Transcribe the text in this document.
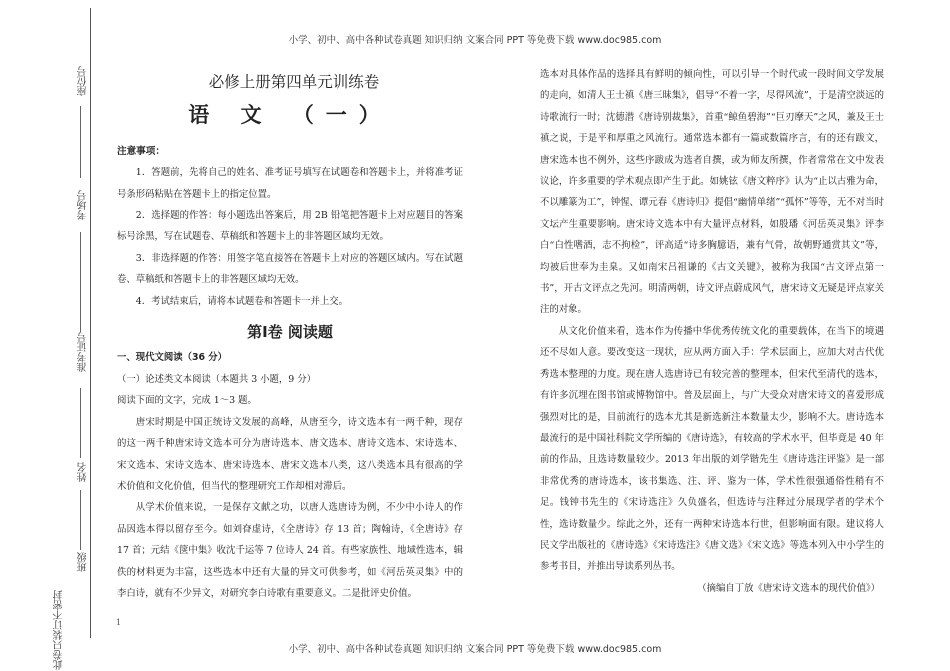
小学、初中、高中各种试卷真题 知识归纳 文案合同 PPT 等免费下载 www.doc985.com
座位号
考场号
准考证号
姓名
班级
此卷只装订不密封	1
必修上册第四单元训练卷
语 文 （一）

注意事项：

1．答题前，先将自己的姓名、准考证号填写在试题卷和答题卡上，并将准考证号条形码粘贴在答题卡上的指定位置。

2．选择题的作答：每小题选出答案后，用 2B 铅笔把答题卡上对应题目的答案标号涂黑，写在试题卷、草稿纸和答题卡上的非答题区域均无效。

3．非选择题的作答：用签字笔直接答在答题卡上对应的答题区域内。写在试题卷、草稿纸和答题卡上的非答题区域均无效。

4．考试结束后，请将本试题卷和答题卡一并上交。

第Ⅰ卷 阅读题

一、现代文阅读（36 分）

（一）论述类文本阅读（本题共 3 小题，9 分）

阅读下面的文字，完成 1～3 题。

唐宋时期是中国正统诗文发展的高峰，从唐至今，诗文选本有一两千种，现存的这一两千种唐宋诗文选本可分为唐诗选本、唐文选本、唐诗文选本、宋诗选本、宋文选本、宋诗文选本、唐宋诗选本、唐宋文选本八类，这八类选本具有很高的学术价值和文化价值，但当代的整理研究工作却相对滞后。

从学术价值来说，一是保存文献之功，以唐人选唐诗为例，不少中小诗人的作品因选本得以留存至今。如刘眘虚诗，《全唐诗》存 13 首；陶翰诗，《全唐诗》存 17 首；元结《箧中集》收沈千运等 7 位诗人 24 首。有些家族性、地域性选本，辑佚的材料更为丰富，这些选本中还有大量的异文可供参考，如《河岳英灵集》中的李白诗，就有不少异文，对研究李白诗歌有重要意义。二是批评史价值。

选本对具体作品的选择具有鲜明的倾向性，可以引导一个时代或一段时间文学发展的走向，如清人王士禛《唐三昧集》，倡导“不着一字，尽得风流”，于是清空淡远的诗歌流行一时；沈德潜《唐诗别裁集》，首重“鲸鱼碧海”“巨刃摩天”之风，兼及王士禛之说，于是平和厚重之风流行。通常选本都有一篇或数篇序言，有的还有跋文，唐宋选本也不例外，这些序跋成为选者自撰，或为师友所撰，作者常常在文中发表议论，许多重要的学术观点即产生于此。如姚铉《唐文粹序》认为“止以古雅为命，不以雕篆为工”，钟惺、谭元春《唐诗归》提倡“幽情单绪”“孤怀”等等，无不对当时文坛产生重要影响。唐宋诗文选本中有大量评点材料，如殷璠《河岳英灵集》评李白“白性嗜酒，志不拘检”，评高适“诗多胸臆语，兼有气骨，故朝野通赏其文”等，均被后世奉为圭臬。又如南宋吕祖谦的《古文关键》，被称为我国“古文评点第一书”，开古文评点之先河。明清两朝，诗文评点蔚成风气，唐宋诗文无疑是评点家关注的对象。

从文化价值来看，选本作为传播中华优秀传统文化的重要载体，在当下的境遇还不尽如人意。要改变这一现状，应从两方面入手：学术层面上，应加大对古代优秀选本整理的力度。现在唐人选唐诗已有较完善的整理本，但宋代至清代的选本，有许多沉埋在图书馆或博物馆中。普及层面上，与广大受众对唐宋诗文的喜爱形成强烈对比的是，目前流行的选本尤其是新选新注本数量太少，影响不大。唐诗选本最流行的是中国社科院文学所编的《唐诗选》，有较高的学术水平，但毕竟是 40 年前的作品，且选诗数量较少。2013 年出版的刘学锴先生《唐诗选注评鉴》是一部非常优秀的唐诗选本，该书集选、注、评、鉴为一体，学术性很强通俗性稍有不足。钱钟书先生的《宋诗选注》久负盛名，但选诗与注释过分展现学者的学术个性，选诗数量少。综此之外，还有一两种宋诗选本行世，但影响面有限。建议将人民文学出版社的《唐诗选》《宋诗选注》《唐文选》《宋文选》等选本列入中小学生的参考书目，并推出导读系列丛书。

（摘编自丁放《唐宋诗文选本的现代价值》）

小学、初中、高中各种试卷真题 知识归纳 文案合同 PPT 等免费下载 www.doc985.com
